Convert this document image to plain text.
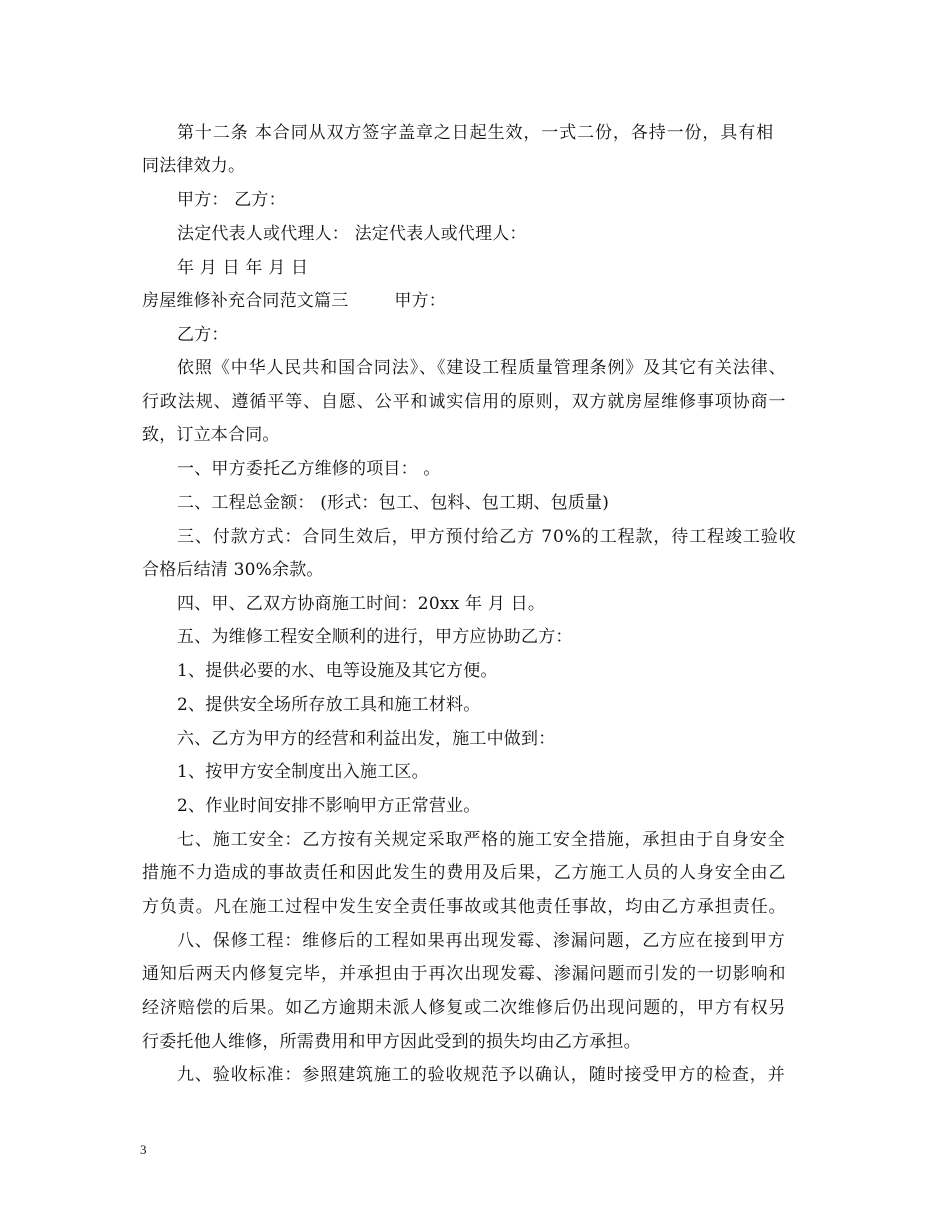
第十二条 本合同从双方签字盖章之日起生效，一式二份，各持一份，具有相
同法律效力。
甲方： 乙方：
法定代表人或代理人： 法定代表人或代理人：
年 月 日 年 月 日
房屋维修补充合同范文篇三	甲方：
乙方：
依照《中华人民共和国合同法》、《建设工程质量管理条例》及其它有关法律、
行政法规、遵循平等、自愿、公平和诚实信用的原则，双方就房屋维修事项协商一
致，订立本合同。
一、甲方委托乙方维修的项目： 。
二、工程总金额： (形式：包工、包料、包工期、包质量)
三、付款方式：合同生效后，甲方预付给乙方 70%的工程款，待工程竣工验收
合格后结清 30%余款。
四、甲、乙双方协商施工时间：20xx 年 月 日。
五、为维修工程安全顺利的进行，甲方应协助乙方：
1、提供必要的水、电等设施及其它方便。
2、提供安全场所存放工具和施工材料。
六、乙方为甲方的经营和利益出发，施工中做到：
1、按甲方安全制度出入施工区。
2、作业时间安排不影响甲方正常营业。
七、施工安全：乙方按有关规定采取严格的施工安全措施，承担由于自身安全
措施不力造成的事故责任和因此发生的费用及后果，乙方施工人员的人身安全由乙
方负责。凡在施工过程中发生安全责任事故或其他责任事故，均由乙方承担责任。
八、保修工程：维修后的工程如果再出现发霉、渗漏问题，乙方应在接到甲方
通知后两天内修复完毕，并承担由于再次出现发霉、渗漏问题而引发的一切影响和
经济赔偿的后果。如乙方逾期未派人修复或二次维修后仍出现问题的，甲方有权另
行委托他人维修，所需费用和甲方因此受到的损失均由乙方承担。
九、验收标准：参照建筑施工的验收规范予以确认，随时接受甲方的检查，并
3
